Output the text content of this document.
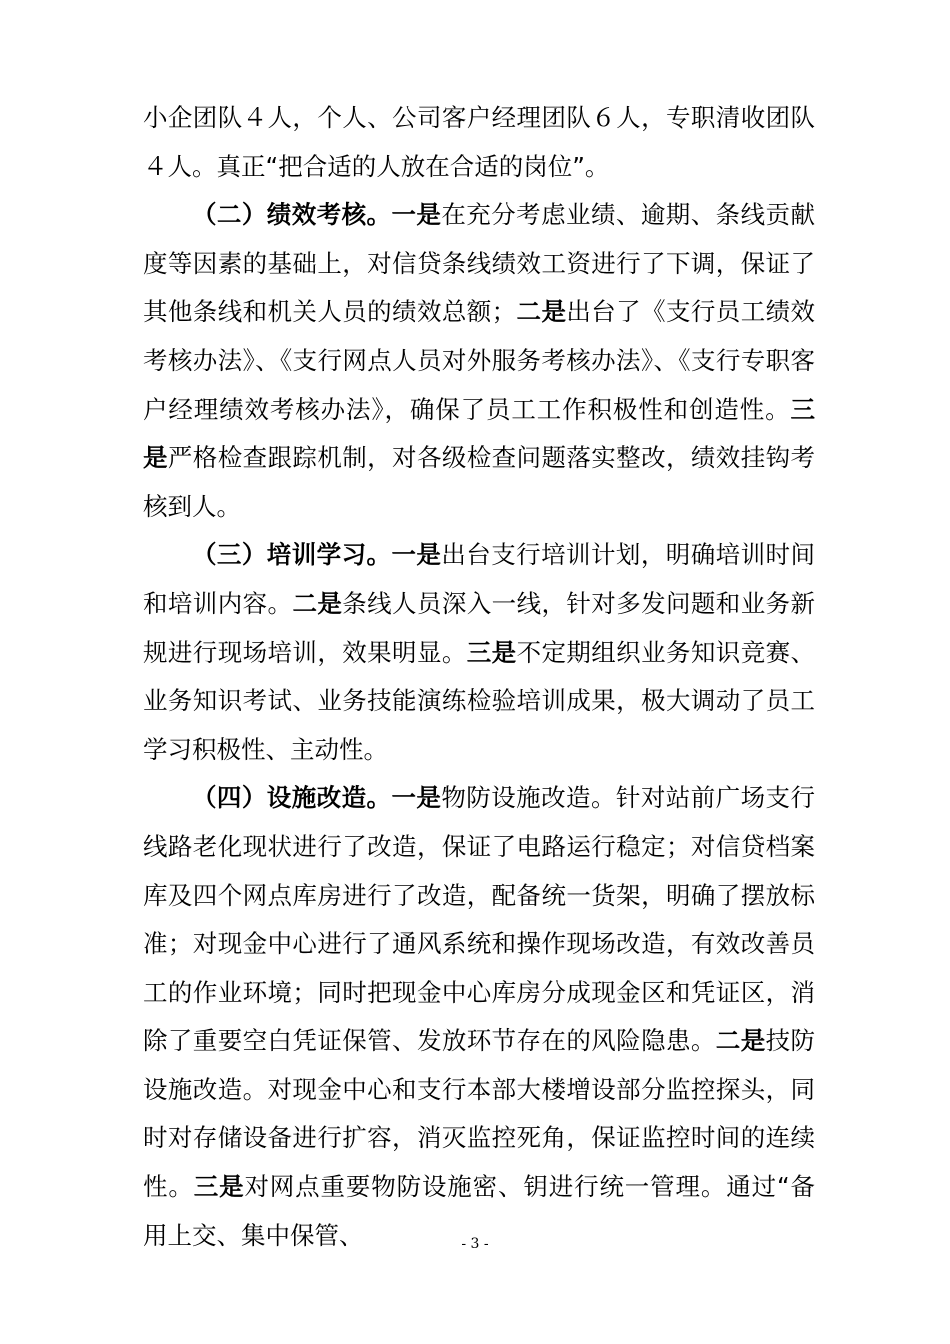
小企团队４人，个人、公司客户经理团队６人，专职清收团队４人。真正“把合适的人放在合适的岗位”。

（二）绩效考核。一是在充分考虑业绩、逾期、条线贡献度等因素的基础上，对信贷条线绩效工资进行了下调，保证了其他条线和机关人员的绩效总额；二是出台了《支行员工绩效考核办法》、《支行网点人员对外服务考核办法》、《支行专职客户经理绩效考核办法》，确保了员工工作积极性和创造性。三是严格检查跟踪机制，对各级检查问题落实整改，绩效挂钩考核到人。

（三）培训学习。一是出台支行培训计划，明确培训时间和培训内容。二是条线人员深入一线，针对多发问题和业务新规进行现场培训，效果明显。三是不定期组织业务知识竞赛、业务知识考试、业务技能演练检验培训成果，极大调动了员工学习积极性、主动性。

（四）设施改造。一是物防设施改造。针对站前广场支行线路老化现状进行了改造，保证了电路运行稳定；对信贷档案库及四个网点库房进行了改造，配备统一货架，明确了摆放标准；对现金中心进行了通风系统和操作现场改造，有效改善员工的作业环境；同时把现金中心库房分成现金区和凭证区，消除了重要空白凭证保管、发放环节存在的风险隐患。二是技防设施改造。对现金中心和支行本部大楼增设部分监控探头，同时对存储设备进行扩容，消灭监控死角，保证监控时间的连续性。三是对网点重要物防设施密、钥进行统一管理。通过“备用上交、集中保管、	- 3 -
